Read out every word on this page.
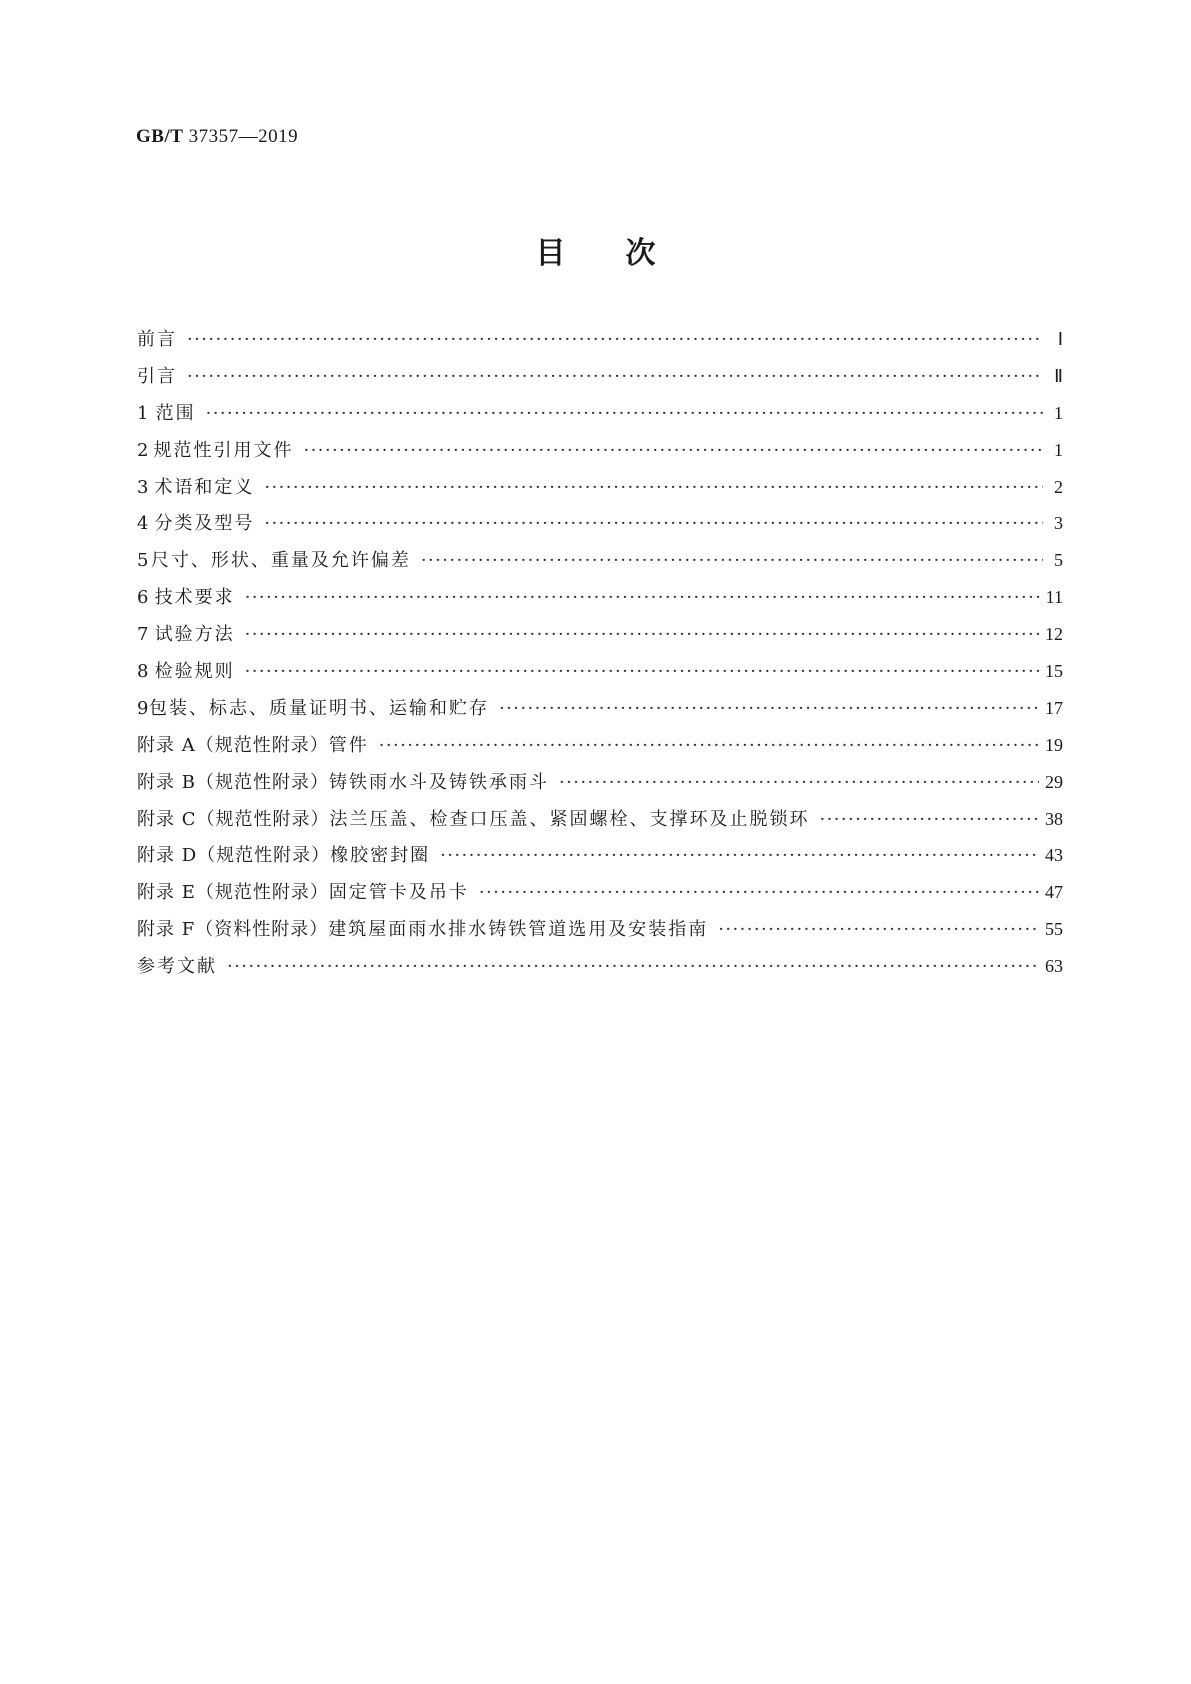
GB/T 37357—2019
目 次
前言 ·····	Ⅰ
引言 ·····	Ⅱ
1 范围 ·····	1
2 规范性引用文件 ·····	1
3 术语和定义 ·····	2
4 分类及型号 ·····	3
5 尺寸、形状、重量及允许偏差 ·····	5
6 技术要求 ·····	11
7 试验方法 ·····	12
8 检验规则 ·····	15
9 包装、标志、质量证明书、运输和贮存 ·····	17
附录 A（规范性附录） 管件 ·····	19
附录 B（规范性附录） 铸铁雨水斗及铸铁承雨斗 ·····	29
附录 C（规范性附录） 法兰压盖、检查口压盖、紧固螺栓、支撑环及止脱锁环 ·····	38
附录 D（规范性附录） 橡胶密封圈 ·····	43
附录 E（规范性附录） 固定管卡及吊卡 ·····	47
附录 F（资料性附录） 建筑屋面雨水排水铸铁管道选用及安装指南 ·····	55
参考文献 ·····	63
